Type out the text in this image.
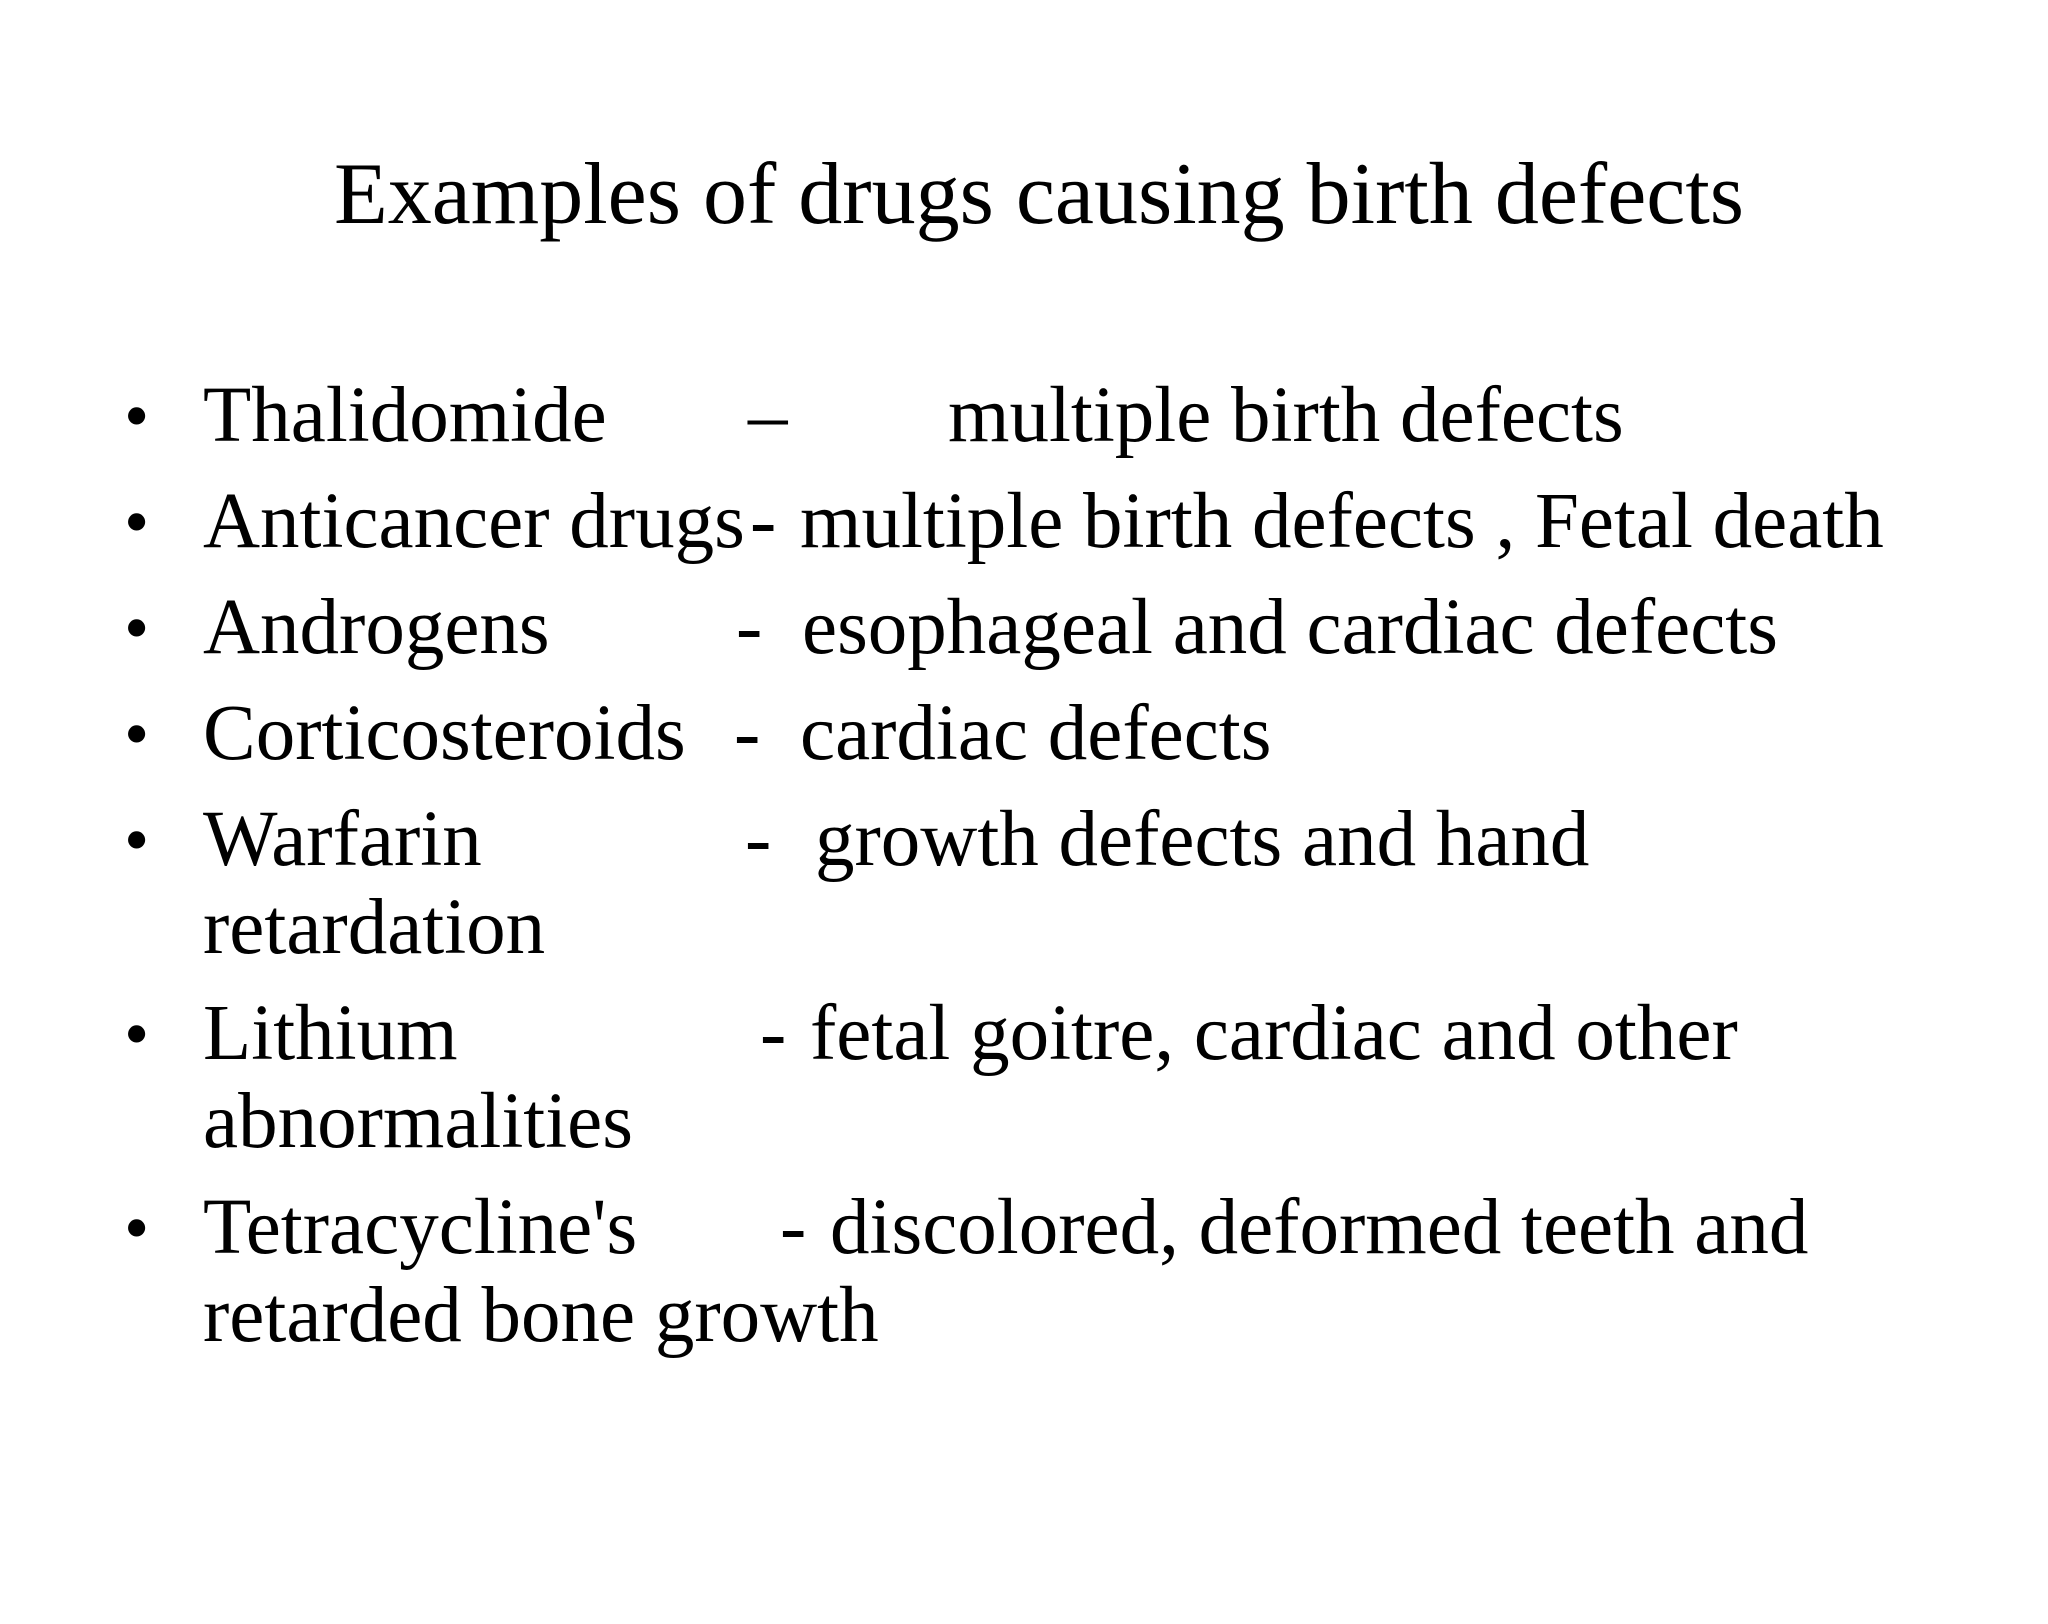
Examples of drugs causing birth defects
•

Thalidomide

–

multiple birth defects

•

Anticancer drugs

-

multiple birth defects , Fetal death

•

Androgens

-

esophageal and cardiac defects

•

Corticosteroids

-

cardiac defects

•

Warfarin

	-

growth defects and hand

retardation
•

Lithium

	-

fetal goitre, cardiac and other

abnormalities
•

Tetracycline's

-

discolored, deformed teeth and

retarded bone growth
